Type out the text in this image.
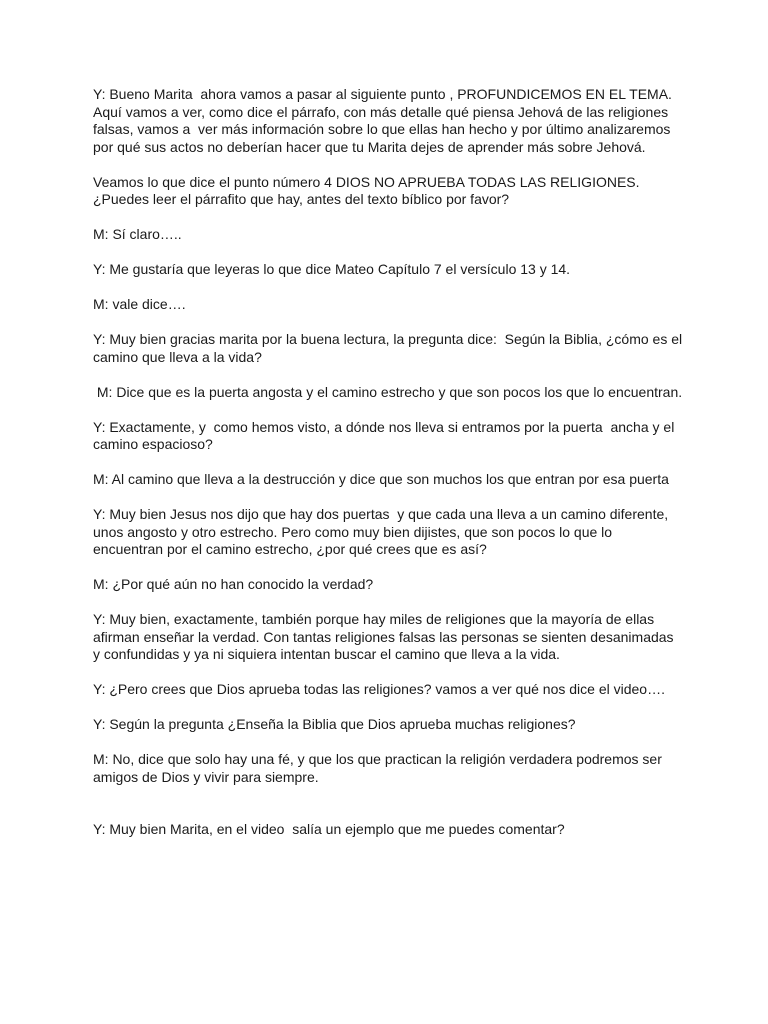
Y: Bueno Marita  ahora vamos a pasar al siguiente punto , PROFUNDICEMOS EN EL TEMA.

Aquí vamos a ver, como dice el párrafo, con más detalle qué piensa Jehová de las religiones falsas, vamos a  ver más información sobre lo que ellas han hecho y por último analizaremos por qué sus actos no deberían hacer que tu Marita dejes de aprender más sobre Jehová.

Veamos lo que dice el punto número 4 DIOS NO APRUEBA TODAS LAS RELIGIONES. ¿Puedes leer el párrafito que hay, antes del texto bíblico por favor?

M: Sí claro…..

Y: Me gustaría que leyeras lo que dice Mateo Capítulo 7 el versículo 13 y 14.

M: vale dice….

Y: Muy bien gracias marita por la buena lectura, la pregunta dice:  Según la Biblia, ¿cómo es el camino que lleva a la vida?

M: Dice que es la puerta angosta y el camino estrecho y que son pocos los que lo encuentran.

Y: Exactamente, y  como hemos visto, a dónde nos lleva si entramos por la puerta  ancha y el camino espacioso?

M: Al camino que lleva a la destrucción y dice que son muchos los que entran por esa puerta

Y: Muy bien Jesus nos dijo que hay dos puertas  y que cada una lleva a un camino diferente, unos angosto y otro estrecho. Pero como muy bien dijistes, que son pocos lo que lo encuentran por el camino estrecho, ¿por qué crees que es así?

M: ¿Por qué aún no han conocido la verdad?

Y: Muy bien, exactamente, también porque hay miles de religiones que la mayoría de ellas afirman enseñar la verdad. Con tantas religiones falsas las personas se sienten desanimadas y confundidas y ya ni siquiera intentan buscar el camino que lleva a la vida.

Y: ¿Pero crees que Dios aprueba todas las religiones? vamos a ver qué nos dice el video….

Y: Según la pregunta ¿Enseña la Biblia que Dios aprueba muchas religiones?

M: No, dice que solo hay una fé, y que los que practican la religión verdadera podremos ser amigos de Dios y vivir para siempre.

Y: Muy bien Marita, en el video  salía un ejemplo que me puedes comentar?
